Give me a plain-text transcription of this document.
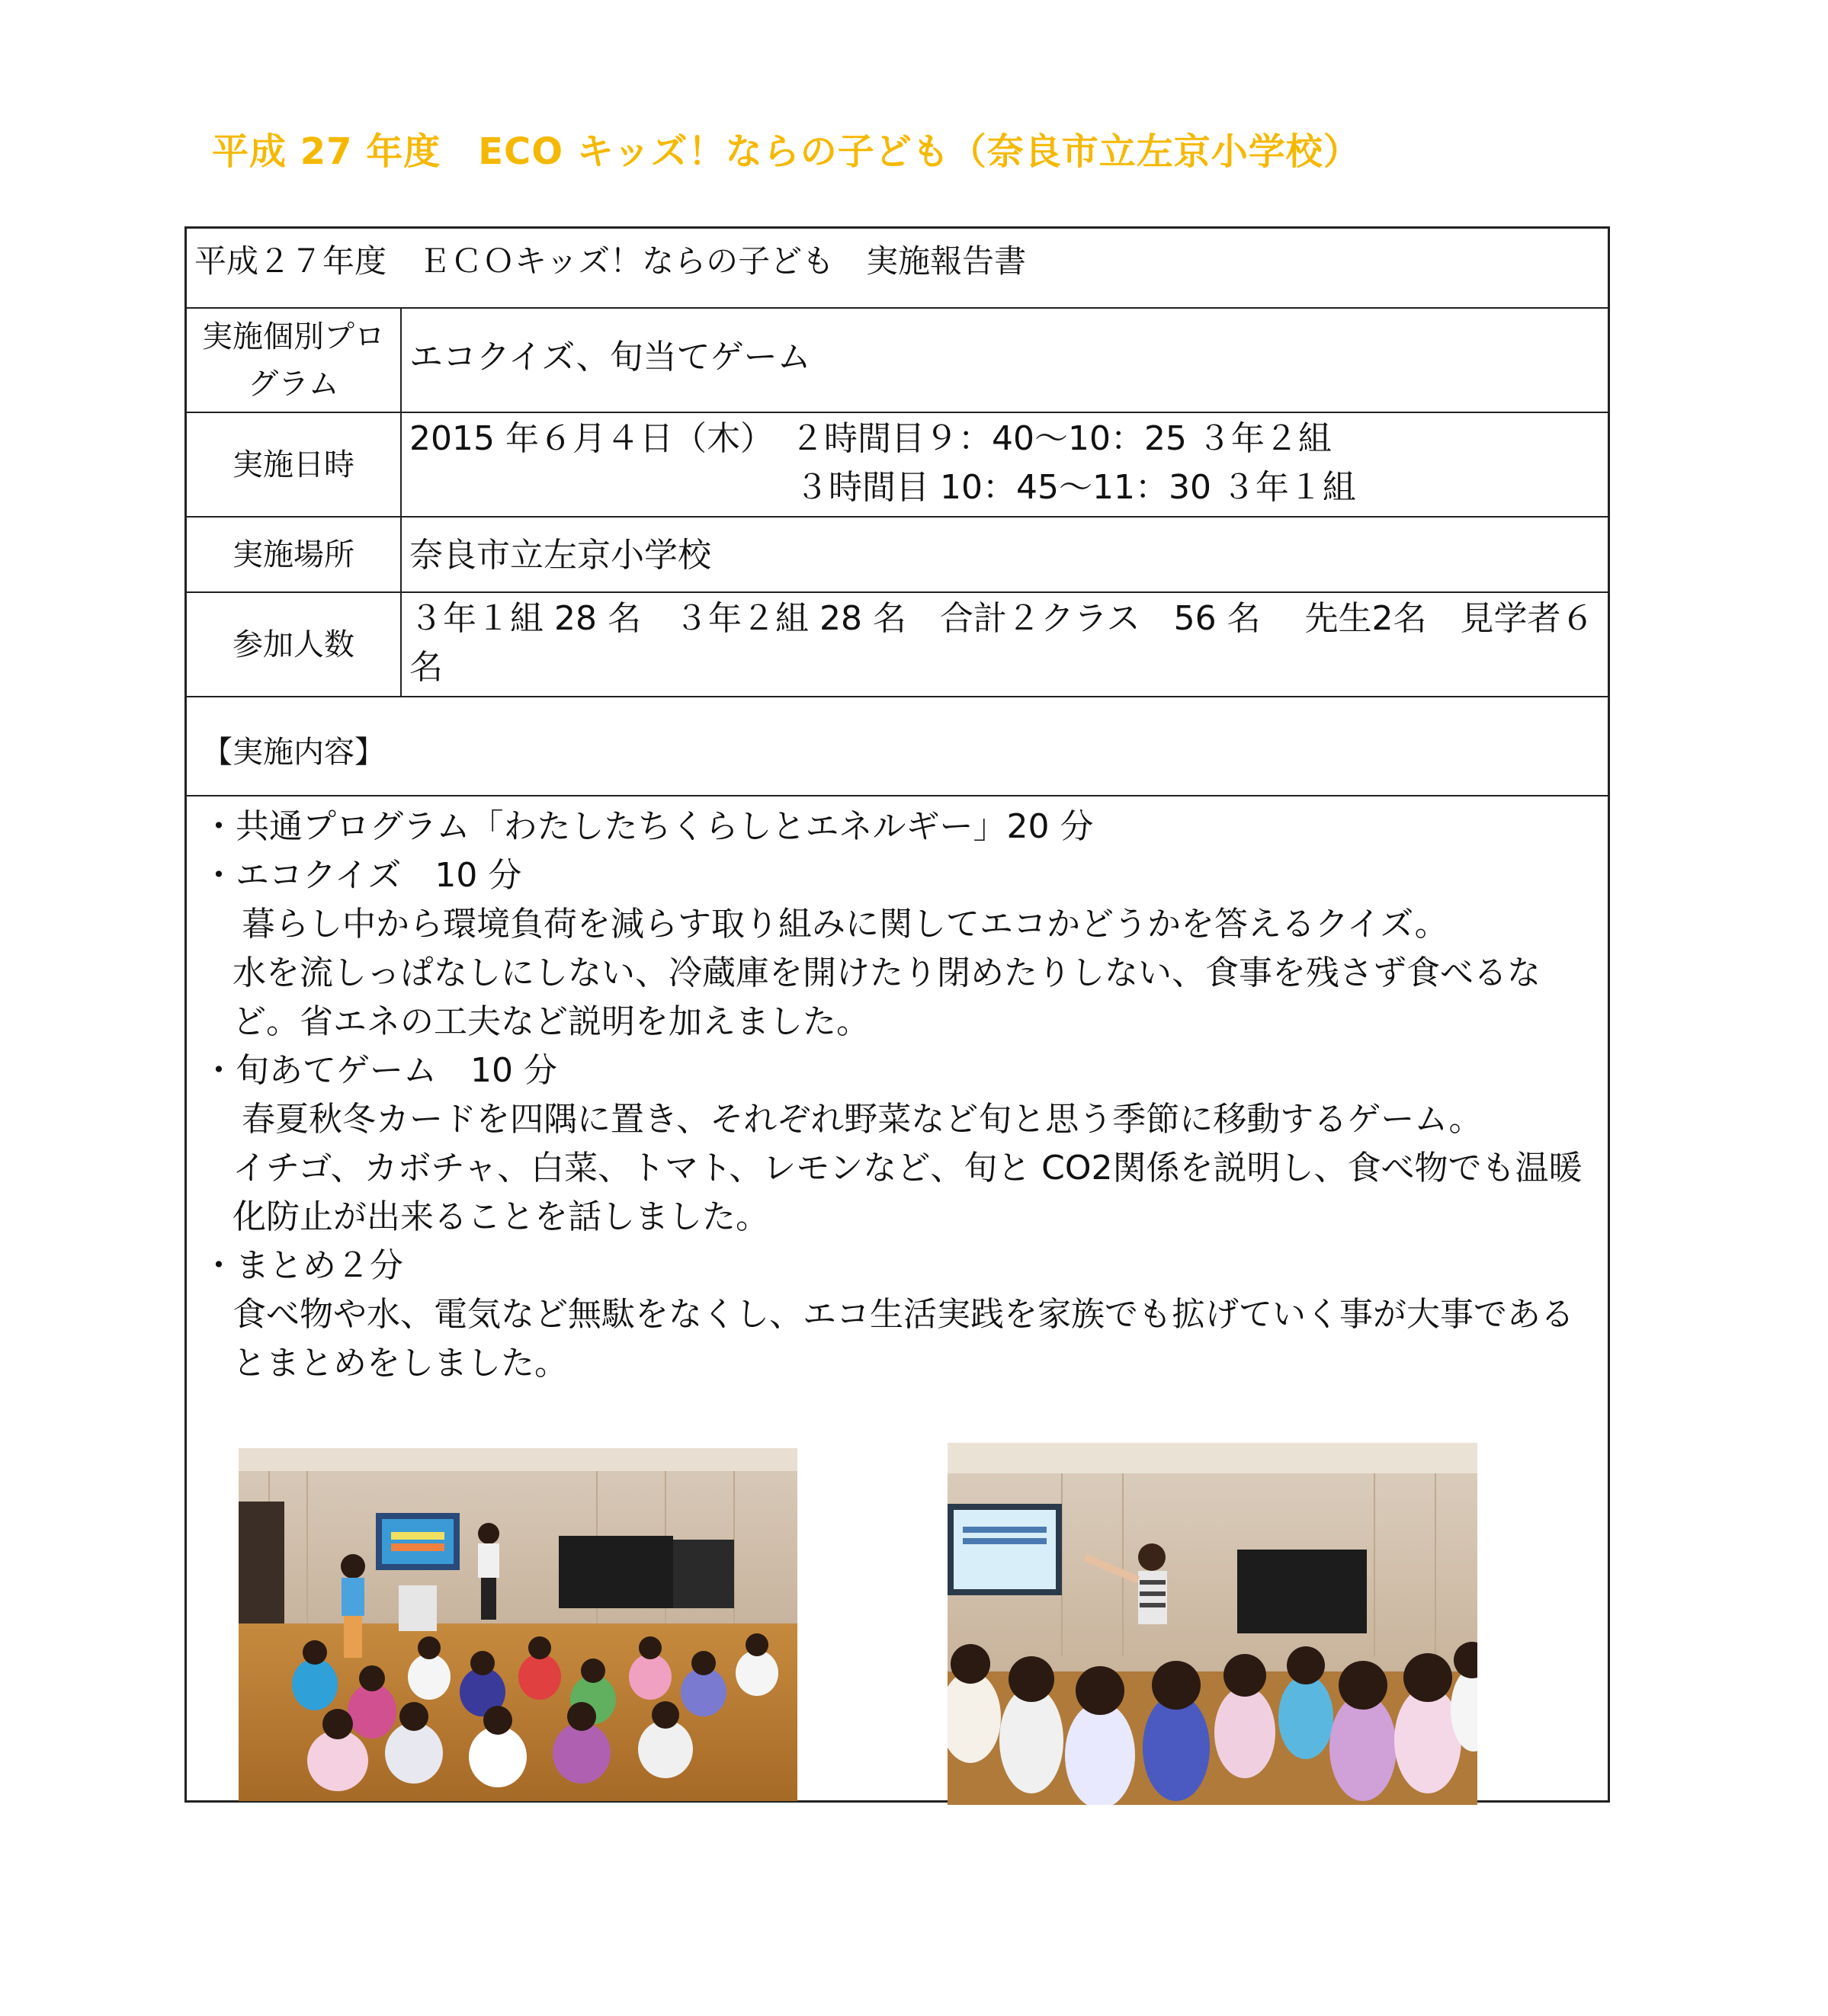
平成 27 年度　ECO キッズ！ならの子ども（奈良市立左京小学校）
平成２７年度　ＥＣＯキッズ！ならの子ども　実施報告書
実施個別プログラム
エコクイズ、旬当てゲーム
実施日時
2015 年６月４日（木）　２時間目９：40〜10：25 ３年２組
３時間目 10：45〜11：30 ３年１組
実施場所 奈良市立左京小学校
参加人数
３年１組 28 名　３年２組 28 名　合計２クラス　56 名　 先生2名　見学者６名
【実施内容】
・共通プログラム「わたしたちくらしとエネルギー」20 分
・エコクイズ　10 分
暮らし中から環境負荷を減らす取り組みに関してエコかどうかを答えるクイズ。
水を流しっぱなしにしない、冷蔵庫を開けたり閉めたりしない、食事を残さず食べるなど。省エネの工夫など説明を加えました。
・旬あてゲーム　10 分
春夏秋冬カードを四隅に置き、それぞれ野菜など旬と思う季節に移動するゲーム。
イチゴ、カボチャ、白菜、トマト、レモンなど、旬と CO2関係を説明し、食べ物でも温暖化防止が出来ることを話しました。
・まとめ２分
食べ物や水、電気など無駄をなくし、エコ生活実践を家族でも拡げていく事が大事であるとまとめをしました。
